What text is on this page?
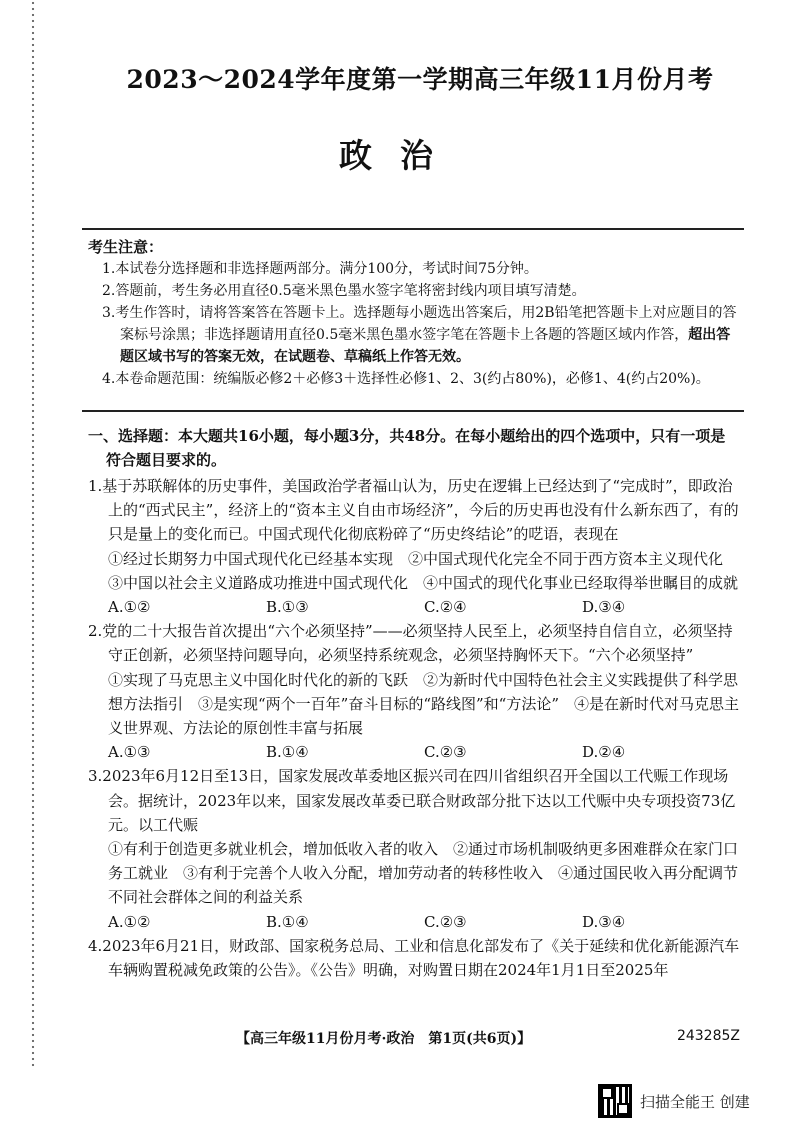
2023～2024学年度第一学期高三年级11月份月考
政治
考生注意：
1.本试卷分选择题和非选择题两部分。满分100分，考试时间75分钟。
2.答题前，考生务必用直径0.5毫米黑色墨水签字笔将密封线内项目填写清楚。
3.考生作答时，请将答案答在答题卡上。选择题每小题选出答案后，用2B铅笔把答题卡上对应题目的答案标号涂黑；非选择题请用直径0.5毫米黑色墨水签字笔在答题卡上各题的答题区域内作答，超出答题区域书写的答案无效，在试题卷、草稿纸上作答无效。
4.本卷命题范围：统编版必修2＋必修3＋选择性必修1、2、3(约占80%)，必修1、4(约占20%)。
一、选择题：本大题共16小题，每小题3分，共48分。在每小题给出的四个选项中，只有一项是符合题目要求的。
1.基于苏联解体的历史事件，美国政治学者福山认为，历史在逻辑上已经达到了“完成时”，即政治上的“西式民主”，经济上的“资本主义自由市场经济”，今后的历史再也没有什么新东西了，有的只是量上的变化而已。中国式现代化彻底粉碎了“历史终结论”的呓语，表现在
①经过长期努力中国式现代化已经基本实现　②中国式现代化完全不同于西方资本主义现代化　③中国以社会主义道路成功推进中国式现代化　④中国式的现代化事业已经取得举世瞩目的成就
A.①②	B.①③	C.②④	D.③④
2.党的二十大报告首次提出“六个必须坚持”——必须坚持人民至上，必须坚持自信自立，必须坚持守正创新，必须坚持问题导向，必须坚持系统观念，必须坚持胸怀天下。“六个必须坚持”
①实现了马克思主义中国化时代化的新的飞跃　②为新时代中国特色社会主义实践提供了科学思想方法指引　③是实现“两个一百年”奋斗目标的“路线图”和“方法论”　④是在新时代对马克思主义世界观、方法论的原创性丰富与拓展
A.①③	B.①④	C.②③	D.②④
3.2023年6月12日至13日，国家发展改革委地区振兴司在四川省组织召开全国以工代赈工作现场会。据统计，2023年以来，国家发展改革委已联合财政部分批下达以工代赈中央专项投资73亿元。以工代赈
①有利于创造更多就业机会，增加低收入者的收入　②通过市场机制吸纳更多困难群众在家门口务工就业　③有利于完善个人收入分配，增加劳动者的转移性收入　④通过国民收入再分配调节不同社会群体之间的利益关系
A.①②	B.①④	C.②③	D.③④
4.2023年6月21日，财政部、国家税务总局、工业和信息化部发布了《关于延续和优化新能源汽车车辆购置税减免政策的公告》。《公告》明确，对购置日期在2024年1月1日至2025年
【高三年级11月份月考·政治　第1页(共6页)】	243285Z
扫描全能王 创建
